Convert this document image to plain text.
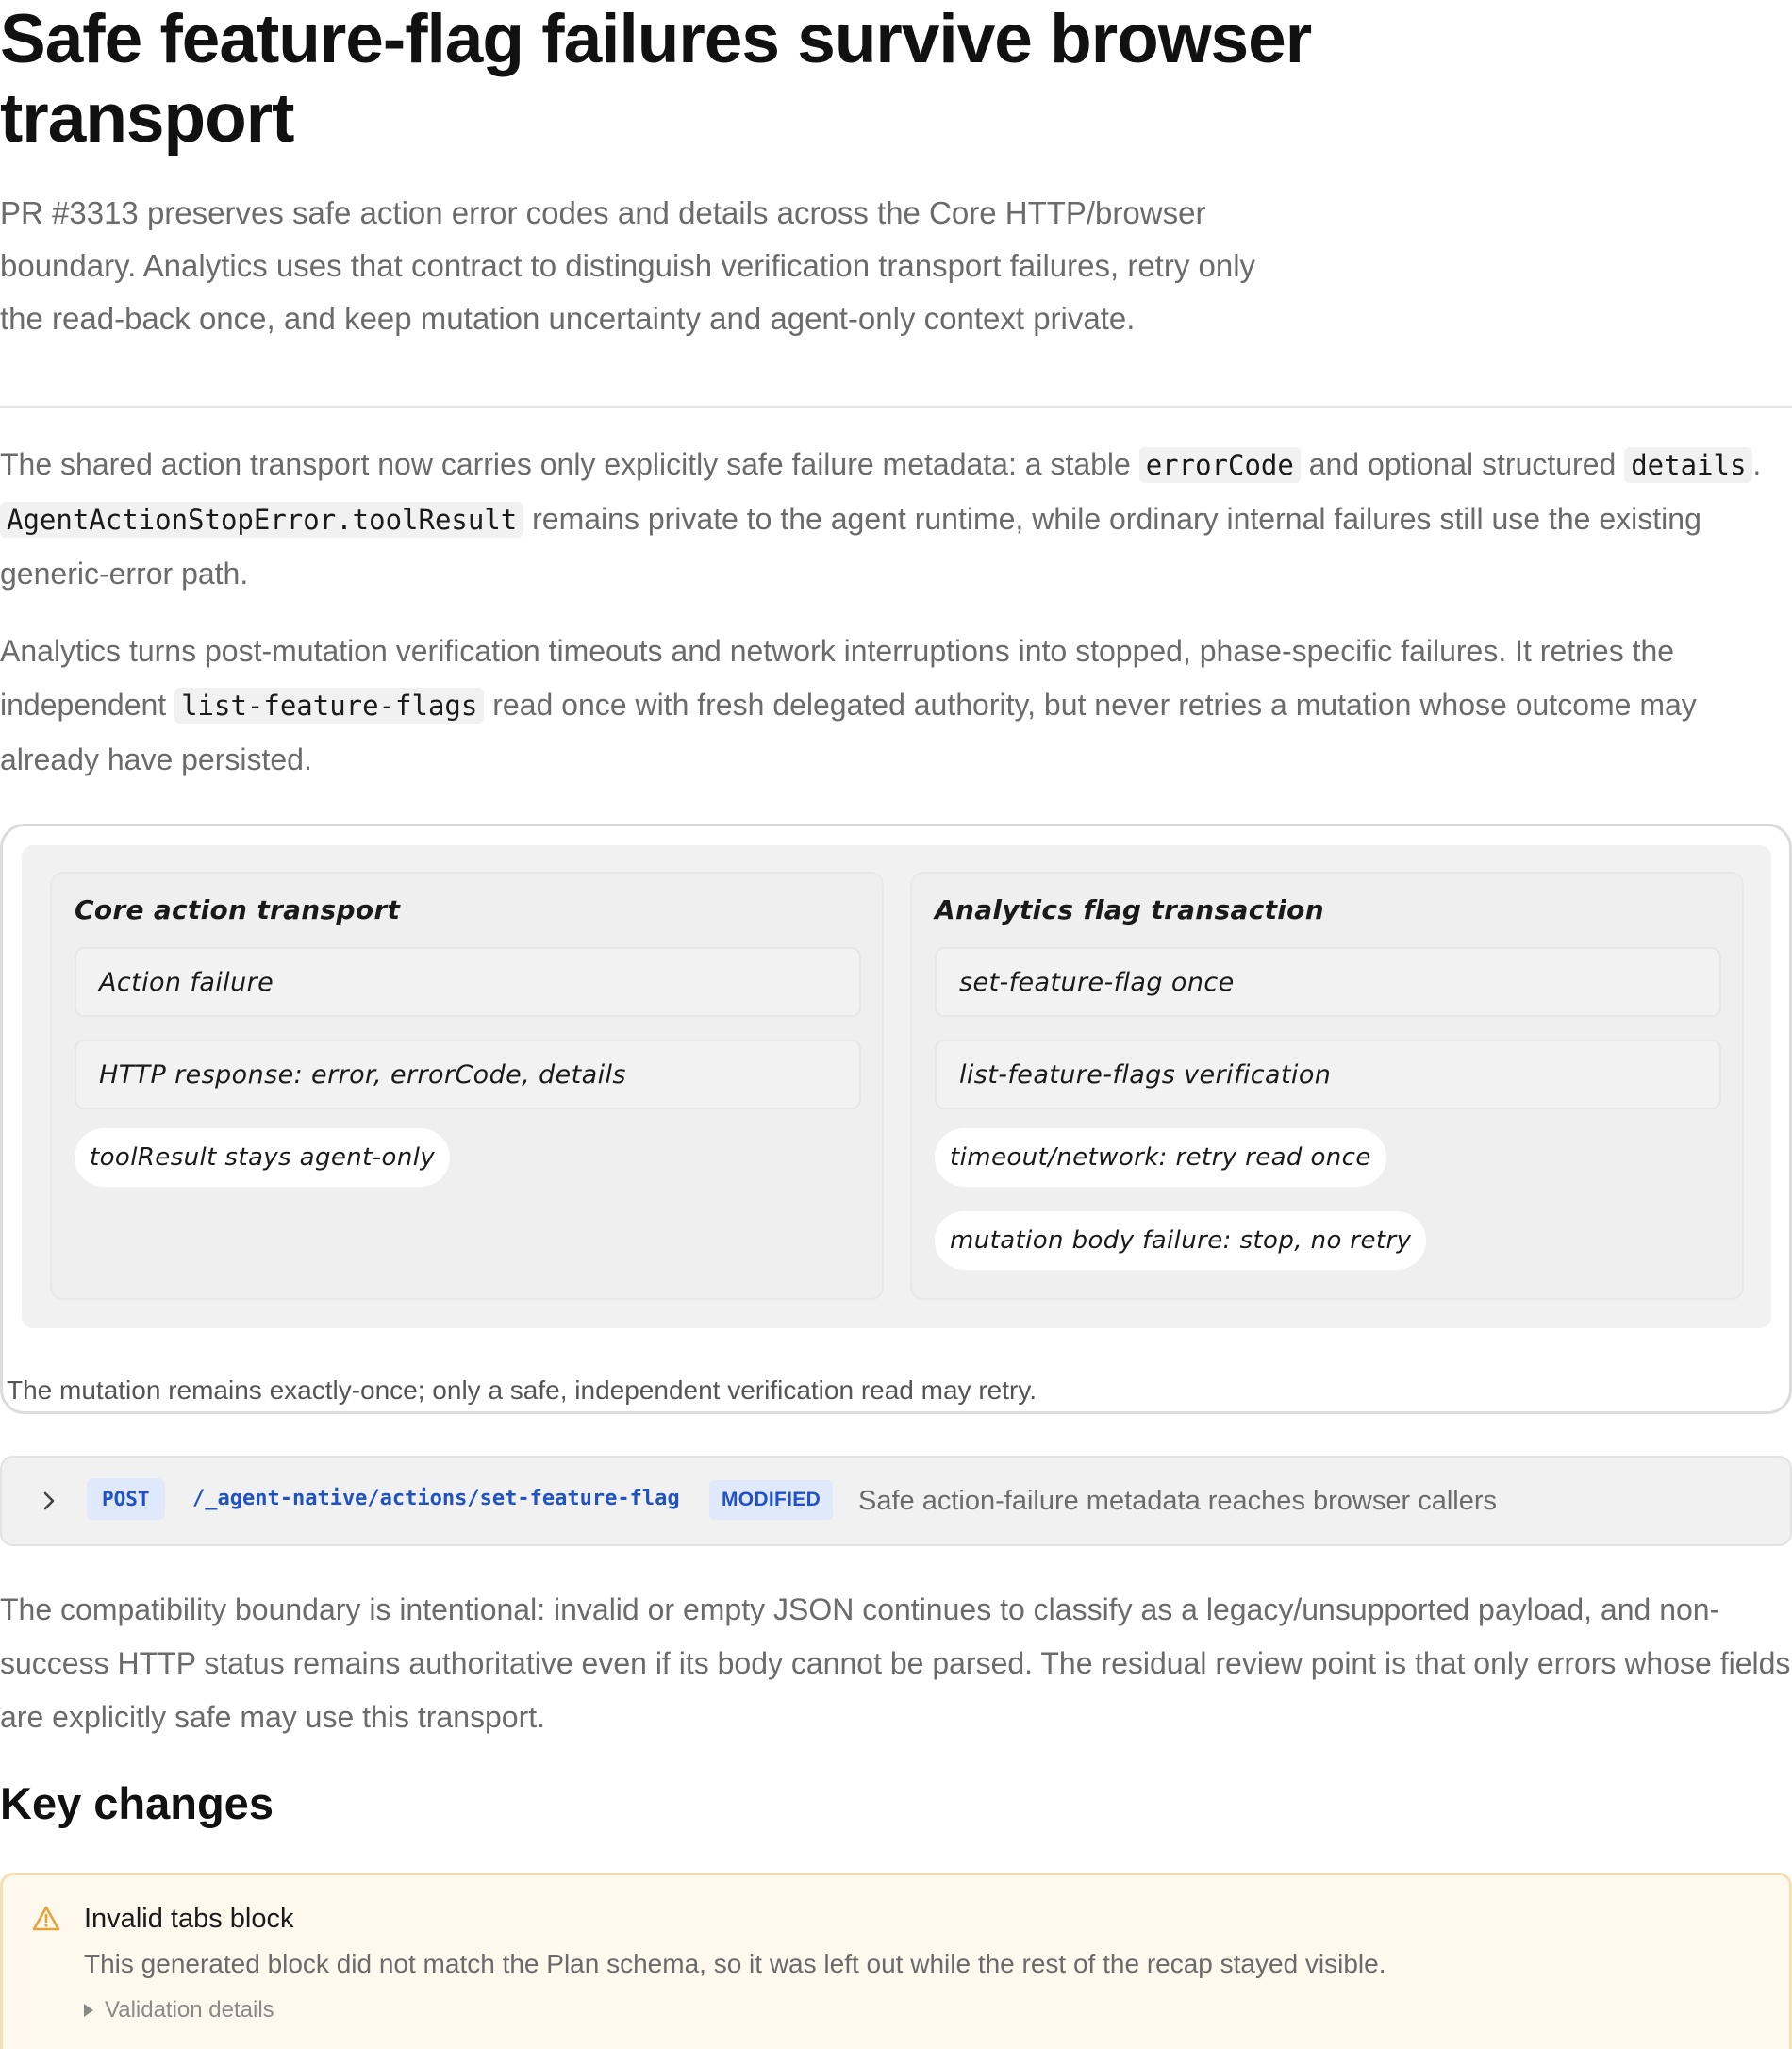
Safe feature-flag failures survive browser transport

PR #3313 preserves safe action error codes and details across the Core HTTP/browser boundary. Analytics uses that contract to distinguish verification transport failures, retry only the read-back once, and keep mutation uncertainty and agent-only context private.

The shared action transport now carries only explicitly safe failure metadata: a stable errorCode and optional structured details . AgentActionStopError.toolResult remains private to the agent runtime, while ordinary internal failures still use the existing generic-error path.

Analytics turns post-mutation verification timeouts and network interruptions into stopped, phase-specific failures. It retries the independent list-feature-flags read once with fresh delegated authority, but never retries a mutation whose outcome may already have persisted.

Core action transport
Action failure
HTTP response: error, errorCode, details
toolResult stays agent-only
Analytics flag transaction
set-feature-flag once
list-feature-flags verification
timeout/network: retry read once
mutation body failure: stop, no retry
The mutation remains exactly-once; only a safe, independent verification read may retry.
POST	/_agent-native/actions/set-feature-flag	MODIFIED	Safe action-failure metadata reaches browser callers

The compatibility boundary is intentional: invalid or empty JSON continues to classify as a legacy/unsupported payload, and non-success HTTP status remains authoritative even if its body cannot be parsed. The residual review point is that only errors whose fields are explicitly safe may use this transport.

Key changes
Invalid tabs block
This generated block did not match the Plan schema, so it was left out while the rest of the recap stayed visible.
Validation details
